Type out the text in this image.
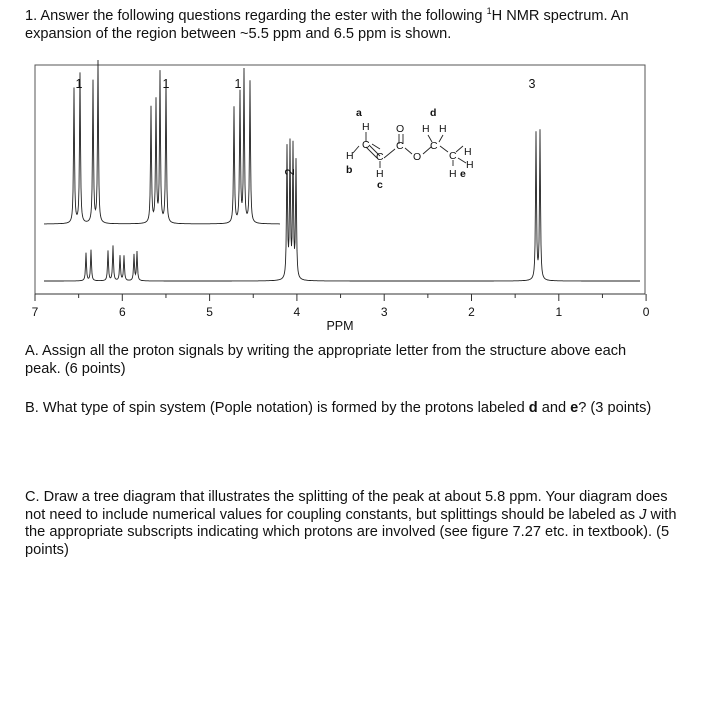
1. Answer the following questions regarding the ester with the following $^1$H NMR spectrum. An expansion of the region between ~5.5 ppm and 6.5 ppm is shown.

7	6	5	4	3	2	1	0
PPM
1	1	1
2
3
a
H
C
H
b
C
H
c
O
C
O
d
H H
C
C H
H
H e

A. Assign all the proton signals by writing the appropriate letter from the structure above each peak. (6 points)

B. What type of spin system (Pople notation) is formed by the protons labeled d and e? (3 points)

C. Draw a tree diagram that illustrates the splitting of the peak at about 5.8 ppm. Your diagram does not need to include numerical values for coupling constants, but splittings should be labeled as J with the appropriate subscripts indicating which protons are involved (see figure 7.27 etc. in textbook). (5 points)
